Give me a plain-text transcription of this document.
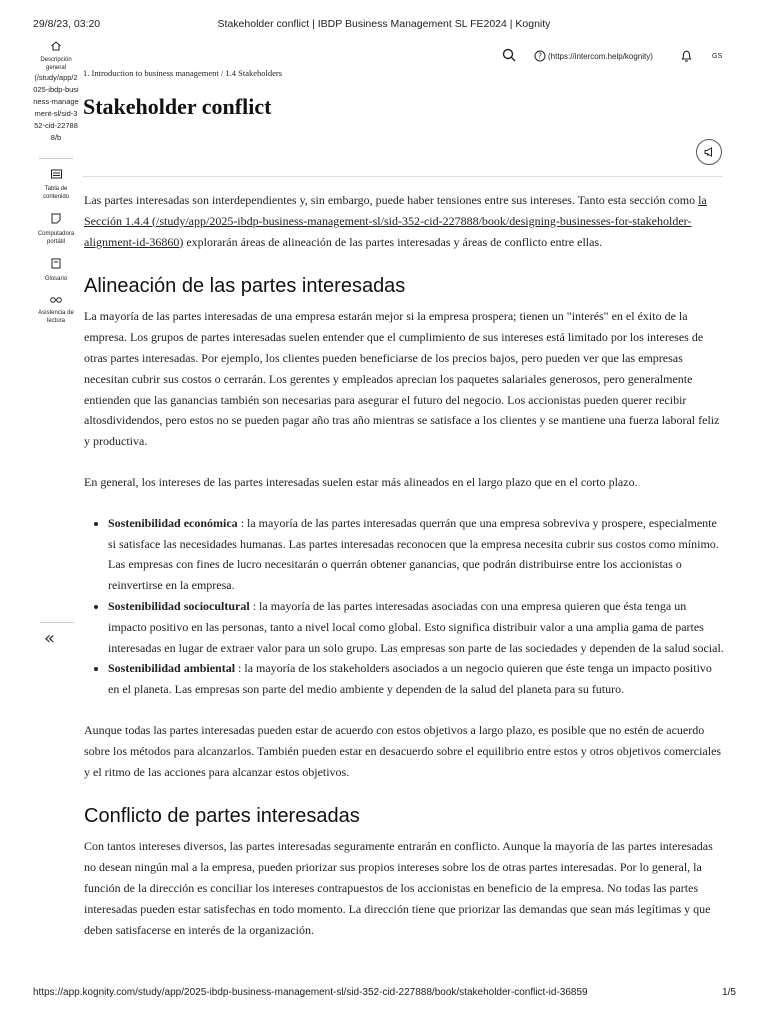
29/8/23, 03:20	Stakeholder conflict | IBDP Business Management SL FE2024 | Kognity
Descripción general
(/study/app/2025-ibdp-business-management-sl/sid-352-cid-227888/b
Tabla de contenido
Computadora portátil
Glosario
Asistencia de lectura
«
? (https://intercom.help/kognity)	GS
1. Introduction to business management / 1.4 Stakeholders
Stakeholder conflict

Las partes interesadas son interdependientes y, sin embargo, puede haber tensiones entre sus intereses. Tanto esta sección como la Sección 1.4.4 (/study/app/2025-ibdp-business-management-sl/sid-352-cid-227888/book/designing-businesses-for-stakeholder-alignment-id-36860) explorarán áreas de alineación de las partes interesadas y áreas de conflicto entre ellas.

Alineación de las partes interesadas

La mayoría de las partes interesadas de una empresa estarán mejor si la empresa prospera; tienen un "interés" en el éxito de la empresa. Los grupos de partes interesadas suelen entender que el cumplimiento de sus intereses está limitado por los intereses de otras partes interesadas. Por ejemplo, los clientes pueden beneficiarse de los precios bajos, pero pueden ver que las empresas necesitan cubrir sus costos o cerrarán. Los gerentes y empleados aprecian los paquetes salariales generosos, pero generalmente entienden que las ganancias también son necesarias para asegurar el futuro del negocio. Los accionistas pueden querer recibir altosdividendos, pero estos no se pueden pagar año tras año mientras se satisface a los clientes y se mantiene una fuerza laboral feliz y productiva.

En general, los intereses de las partes interesadas suelen estar más alineados en el largo plazo que en el corto plazo.

• Sostenibilidad económica : la mayoría de las partes interesadas querrán que una empresa sobreviva y prospere, especialmente si satisface las necesidades humanas. Las partes interesadas reconocen que la empresa necesita cubrir sus costos como mínimo. Las empresas con fines de lucro necesitarán o querrán obtener ganancias, que podrán distribuirse entre los accionistas o reinvertirse en la empresa.
• Sostenibilidad sociocultural : la mayoría de las partes interesadas asociadas con una empresa quieren que ésta tenga un impacto positivo en las personas, tanto a nivel local como global. Esto significa distribuir valor a una amplia gama de partes interesadas en lugar de extraer valor para un solo grupo. Las empresas son parte de las sociedades y dependen de la salud social.
• Sostenibilidad ambiental : la mayoría de los stakeholders asociados a un negocio quieren que éste tenga un impacto positivo en el planeta. Las empresas son parte del medio ambiente y dependen de la salud del planeta para su futuro.

Aunque todas las partes interesadas pueden estar de acuerdo con estos objetivos a largo plazo, es posible que no estén de acuerdo sobre los métodos para alcanzarlos. También pueden estar en desacuerdo sobre el equilibrio entre estos y otros objetivos comerciales y el ritmo de las acciones para alcanzar estos objetivos.

Conflicto de partes interesadas

Con tantos intereses diversos, las partes interesadas seguramente entrarán en conflicto. Aunque la mayoría de las partes interesadas no desean ningún mal a la empresa, pueden priorizar sus propios intereses sobre los de otras partes interesadas. Por lo general, la función de la dirección es conciliar los intereses contrapuestos de los accionistas en beneficio de la empresa. No todas las partes interesadas pueden estar satisfechas en todo momento. La dirección tiene que priorizar las demandas que sean más legítimas y que deben satisfacerse en interés de la organización.

https://app.kognity.com/study/app/2025-ibdp-business-management-sl/sid-352-cid-227888/book/stakeholder-conflict-id-36859	1/5
